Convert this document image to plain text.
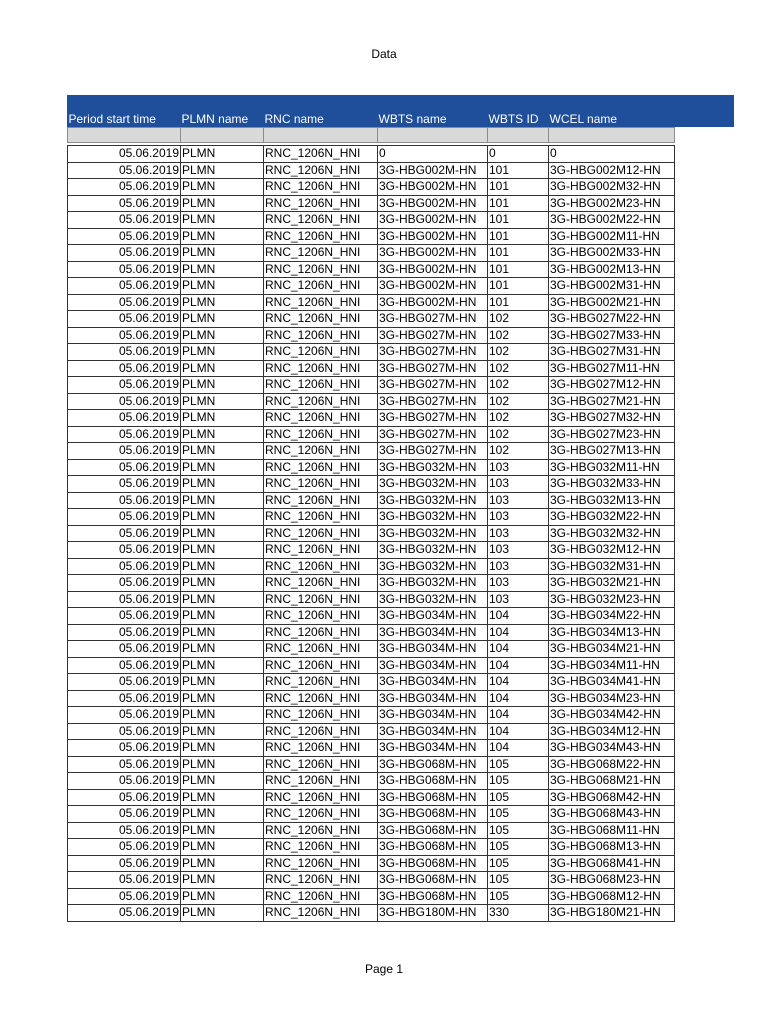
Data
Period start time	PLMN name	RNC name	WBTS name	WBTS ID	WCEL name

05.06.2019	PLMN	RNC_1206N_HNI	0	0	0
05.06.2019	PLMN	RNC_1206N_HNI	3G-HBG002M-HN	101	3G-HBG002M12-HN
05.06.2019	PLMN	RNC_1206N_HNI	3G-HBG002M-HN	101	3G-HBG002M32-HN
05.06.2019	PLMN	RNC_1206N_HNI	3G-HBG002M-HN	101	3G-HBG002M23-HN
05.06.2019	PLMN	RNC_1206N_HNI	3G-HBG002M-HN	101	3G-HBG002M22-HN
05.06.2019	PLMN	RNC_1206N_HNI	3G-HBG002M-HN	101	3G-HBG002M11-HN
05.06.2019	PLMN	RNC_1206N_HNI	3G-HBG002M-HN	101	3G-HBG002M33-HN
05.06.2019	PLMN	RNC_1206N_HNI	3G-HBG002M-HN	101	3G-HBG002M13-HN
05.06.2019	PLMN	RNC_1206N_HNI	3G-HBG002M-HN	101	3G-HBG002M31-HN
05.06.2019	PLMN	RNC_1206N_HNI	3G-HBG002M-HN	101	3G-HBG002M21-HN
05.06.2019	PLMN	RNC_1206N_HNI	3G-HBG027M-HN	102	3G-HBG027M22-HN
05.06.2019	PLMN	RNC_1206N_HNI	3G-HBG027M-HN	102	3G-HBG027M33-HN
05.06.2019	PLMN	RNC_1206N_HNI	3G-HBG027M-HN	102	3G-HBG027M31-HN
05.06.2019	PLMN	RNC_1206N_HNI	3G-HBG027M-HN	102	3G-HBG027M11-HN
05.06.2019	PLMN	RNC_1206N_HNI	3G-HBG027M-HN	102	3G-HBG027M12-HN
05.06.2019	PLMN	RNC_1206N_HNI	3G-HBG027M-HN	102	3G-HBG027M21-HN
05.06.2019	PLMN	RNC_1206N_HNI	3G-HBG027M-HN	102	3G-HBG027M32-HN
05.06.2019	PLMN	RNC_1206N_HNI	3G-HBG027M-HN	102	3G-HBG027M23-HN
05.06.2019	PLMN	RNC_1206N_HNI	3G-HBG027M-HN	102	3G-HBG027M13-HN
05.06.2019	PLMN	RNC_1206N_HNI	3G-HBG032M-HN	103	3G-HBG032M11-HN
05.06.2019	PLMN	RNC_1206N_HNI	3G-HBG032M-HN	103	3G-HBG032M33-HN
05.06.2019	PLMN	RNC_1206N_HNI	3G-HBG032M-HN	103	3G-HBG032M13-HN
05.06.2019	PLMN	RNC_1206N_HNI	3G-HBG032M-HN	103	3G-HBG032M22-HN
05.06.2019	PLMN	RNC_1206N_HNI	3G-HBG032M-HN	103	3G-HBG032M32-HN
05.06.2019	PLMN	RNC_1206N_HNI	3G-HBG032M-HN	103	3G-HBG032M12-HN
05.06.2019	PLMN	RNC_1206N_HNI	3G-HBG032M-HN	103	3G-HBG032M31-HN
05.06.2019	PLMN	RNC_1206N_HNI	3G-HBG032M-HN	103	3G-HBG032M21-HN
05.06.2019	PLMN	RNC_1206N_HNI	3G-HBG032M-HN	103	3G-HBG032M23-HN
05.06.2019	PLMN	RNC_1206N_HNI	3G-HBG034M-HN	104	3G-HBG034M22-HN
05.06.2019	PLMN	RNC_1206N_HNI	3G-HBG034M-HN	104	3G-HBG034M13-HN
05.06.2019	PLMN	RNC_1206N_HNI	3G-HBG034M-HN	104	3G-HBG034M21-HN
05.06.2019	PLMN	RNC_1206N_HNI	3G-HBG034M-HN	104	3G-HBG034M11-HN
05.06.2019	PLMN	RNC_1206N_HNI	3G-HBG034M-HN	104	3G-HBG034M41-HN
05.06.2019	PLMN	RNC_1206N_HNI	3G-HBG034M-HN	104	3G-HBG034M23-HN
05.06.2019	PLMN	RNC_1206N_HNI	3G-HBG034M-HN	104	3G-HBG034M42-HN
05.06.2019	PLMN	RNC_1206N_HNI	3G-HBG034M-HN	104	3G-HBG034M12-HN
05.06.2019	PLMN	RNC_1206N_HNI	3G-HBG034M-HN	104	3G-HBG034M43-HN
05.06.2019	PLMN	RNC_1206N_HNI	3G-HBG068M-HN	105	3G-HBG068M22-HN
05.06.2019	PLMN	RNC_1206N_HNI	3G-HBG068M-HN	105	3G-HBG068M21-HN
05.06.2019	PLMN	RNC_1206N_HNI	3G-HBG068M-HN	105	3G-HBG068M42-HN
05.06.2019	PLMN	RNC_1206N_HNI	3G-HBG068M-HN	105	3G-HBG068M43-HN
05.06.2019	PLMN	RNC_1206N_HNI	3G-HBG068M-HN	105	3G-HBG068M11-HN
05.06.2019	PLMN	RNC_1206N_HNI	3G-HBG068M-HN	105	3G-HBG068M13-HN
05.06.2019	PLMN	RNC_1206N_HNI	3G-HBG068M-HN	105	3G-HBG068M41-HN
05.06.2019	PLMN	RNC_1206N_HNI	3G-HBG068M-HN	105	3G-HBG068M23-HN
05.06.2019	PLMN	RNC_1206N_HNI	3G-HBG068M-HN	105	3G-HBG068M12-HN
05.06.2019	PLMN	RNC_1206N_HNI	3G-HBG180M-HN	330	3G-HBG180M21-HN
Page 1
